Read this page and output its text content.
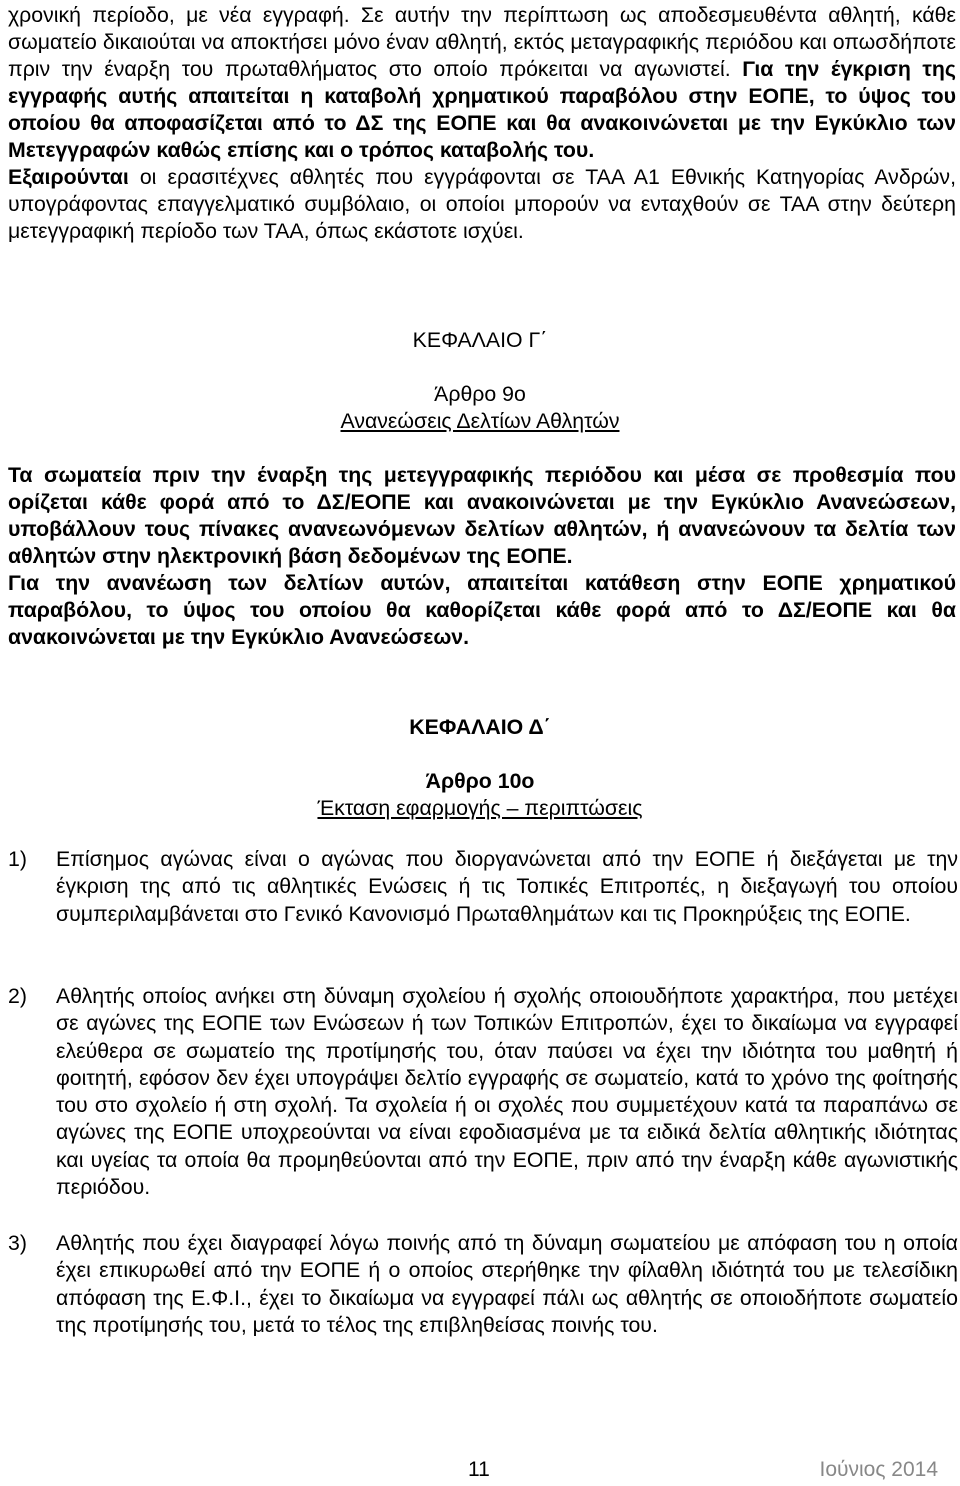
χρονική περίοδο, με νέα εγγραφή. Σε αυτήν την περίπτωση ως αποδεσμευθέντα αθλητή, κάθε σωματείο δικαιούται να αποκτήσει μόνο έναν αθλητή, εκτός μεταγραφικής περιόδου και οπωσδήποτε πριν την έναρξη του πρωταθλήματος στο οποίο πρόκειται να αγωνιστεί. Για την έγκριση της εγγραφής αυτής απαιτείται η καταβολή χρηματικού παραβόλου στην ΕΟΠΕ, το ύψος του οποίου θα αποφασίζεται από το ΔΣ της ΕΟΠΕ και θα ανακοινώνεται με την Εγκύκλιο των Μετεγγραφών καθώς επίσης και ο τρόπος καταβολής του.
Εξαιρούνται οι ερασιτέχνες αθλητές που εγγράφονται σε ΤΑΑ Α1 Εθνικής Κατηγορίας Ανδρών, υπογράφοντας επαγγελματικό συμβόλαιο, οι οποίοι μπορούν να ενταχθούν σε ΤΑΑ στην δεύτερη μετεγγραφική περίοδο των ΤΑΑ, όπως εκάστοτε ισχύει.
ΚΕΦΑΛΑΙΟ Γ΄
Άρθρο 9ο
Ανανεώσεις Δελτίων Αθλητών
Τα σωματεία πριν την έναρξη της μετεγγραφικής περιόδου και μέσα σε προθεσμία που ορίζεται κάθε φορά από το ΔΣ/ΕΟΠΕ και ανακοινώνεται με την Εγκύκλιο Ανανεώσεων, υποβάλλουν τους πίνακες ανανεωνόμενων δελτίων αθλητών, ή ανανεώνουν τα δελτία των αθλητών στην ηλεκτρονική βάση δεδομένων της ΕΟΠΕ.
Για την ανανέωση των δελτίων αυτών, απαιτείται κατάθεση στην ΕΟΠΕ χρηματικού παραβόλου, το ύψος του οποίου θα καθορίζεται κάθε φορά από το ΔΣ/ΕΟΠΕ και θα ανακοινώνεται με την Εγκύκλιο Ανανεώσεων.
ΚΕΦΑΛΑΙΟ Δ΄
Άρθρο 10ο
Έκταση εφαρμογής – περιπτώσεις
1)	Επίσημος αγώνας είναι ο αγώνας που διοργανώνεται από την ΕΟΠΕ ή διεξάγεται με την έγκριση της από τις αθλητικές Ενώσεις ή τις Τοπικές Επιτροπές, η διεξαγωγή του οποίου συμπεριλαμβάνεται στο Γενικό Κανονισμό Πρωταθλημάτων και τις Προκηρύξεις της ΕΟΠΕ.
2)	Αθλητής οποίος ανήκει στη δύναμη σχολείου ή σχολής οποιουδήποτε χαρακτήρα, που μετέχει σε αγώνες της ΕΟΠΕ των Ενώσεων ή των Τοπικών Επιτροπών, έχει το δικαίωμα να εγγραφεί ελεύθερα σε σωματείο της προτίμησής του, όταν παύσει να έχει την ιδιότητα του μαθητή ή φοιτητή, εφόσον δεν έχει υπογράψει δελτίο εγγραφής σε σωματείο, κατά το χρόνο της φοίτησής του στο σχολείο ή στη σχολή. Τα σχολεία ή οι σχολές που συμμετέχουν κατά τα παραπάνω σε αγώνες της ΕΟΠΕ υποχρεούνται να είναι εφοδιασμένα με τα ειδικά δελτία αθλητικής ιδιότητας και υγείας τα οποία θα προμηθεύονται από την ΕΟΠΕ, πριν από την έναρξη κάθε αγωνιστικής περιόδου.
3)	Αθλητής που έχει διαγραφεί λόγω ποινής από τη δύναμη σωματείου με απόφαση του η οποία έχει επικυρωθεί από την ΕΟΠΕ ή ο οποίος στερήθηκε την φίλαθλη ιδιότητά του με τελεσίδικη απόφαση της Ε.Φ.Ι., έχει το δικαίωμα να εγγραφεί πάλι ως αθλητής σε οποιοδήποτε σωματείο της προτίμησής του, μετά το τέλος της επιβληθείσας ποινής του.
11	Ιούνιος 2014
